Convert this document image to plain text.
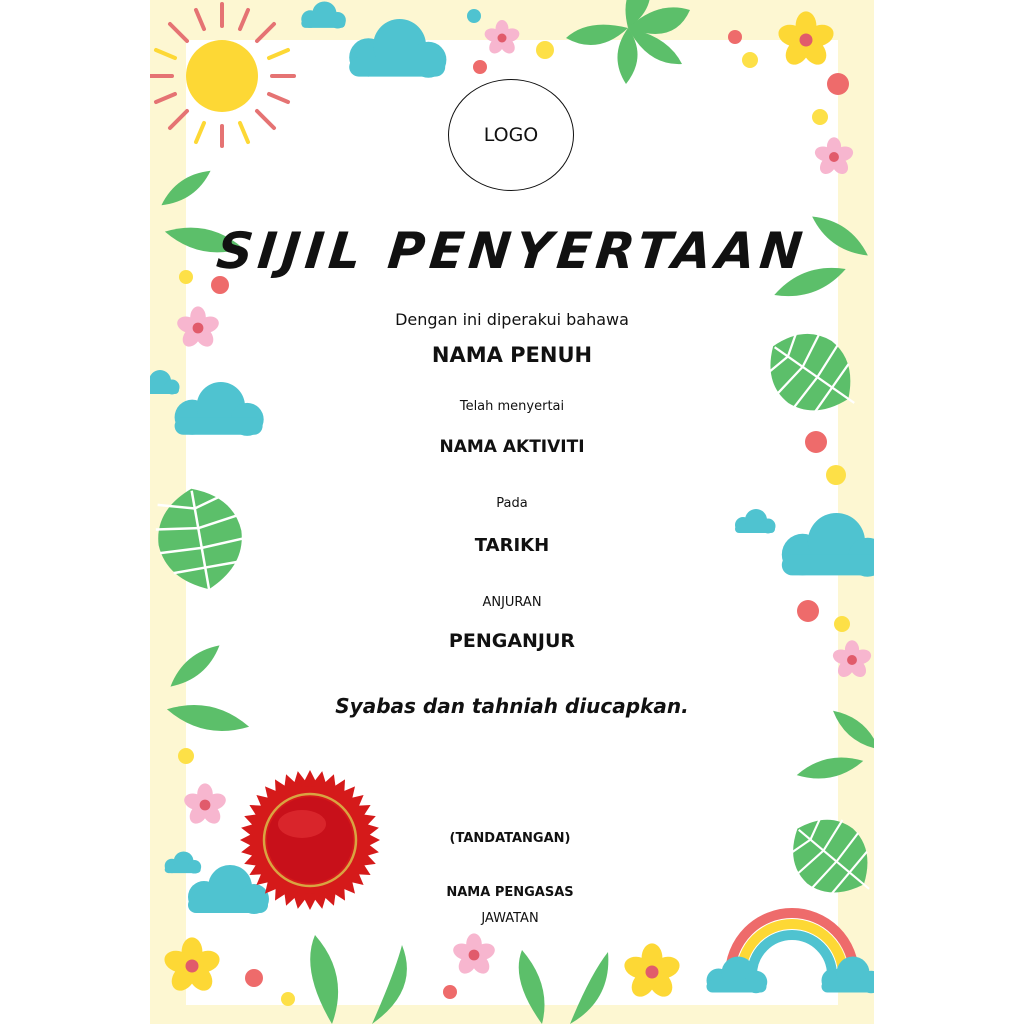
LOGO
SIJIL PENYERTAAN
Dengan ini diperakui bahawa
NAMA PENUH
Telah menyertai
NAMA AKTIVITI
Pada
TARIKH
ANJURAN
PENGANJUR
Syabas dan tahniah diucapkan.
(TANDATANGAN)
NAMA PENGASAS
JAWATAN
